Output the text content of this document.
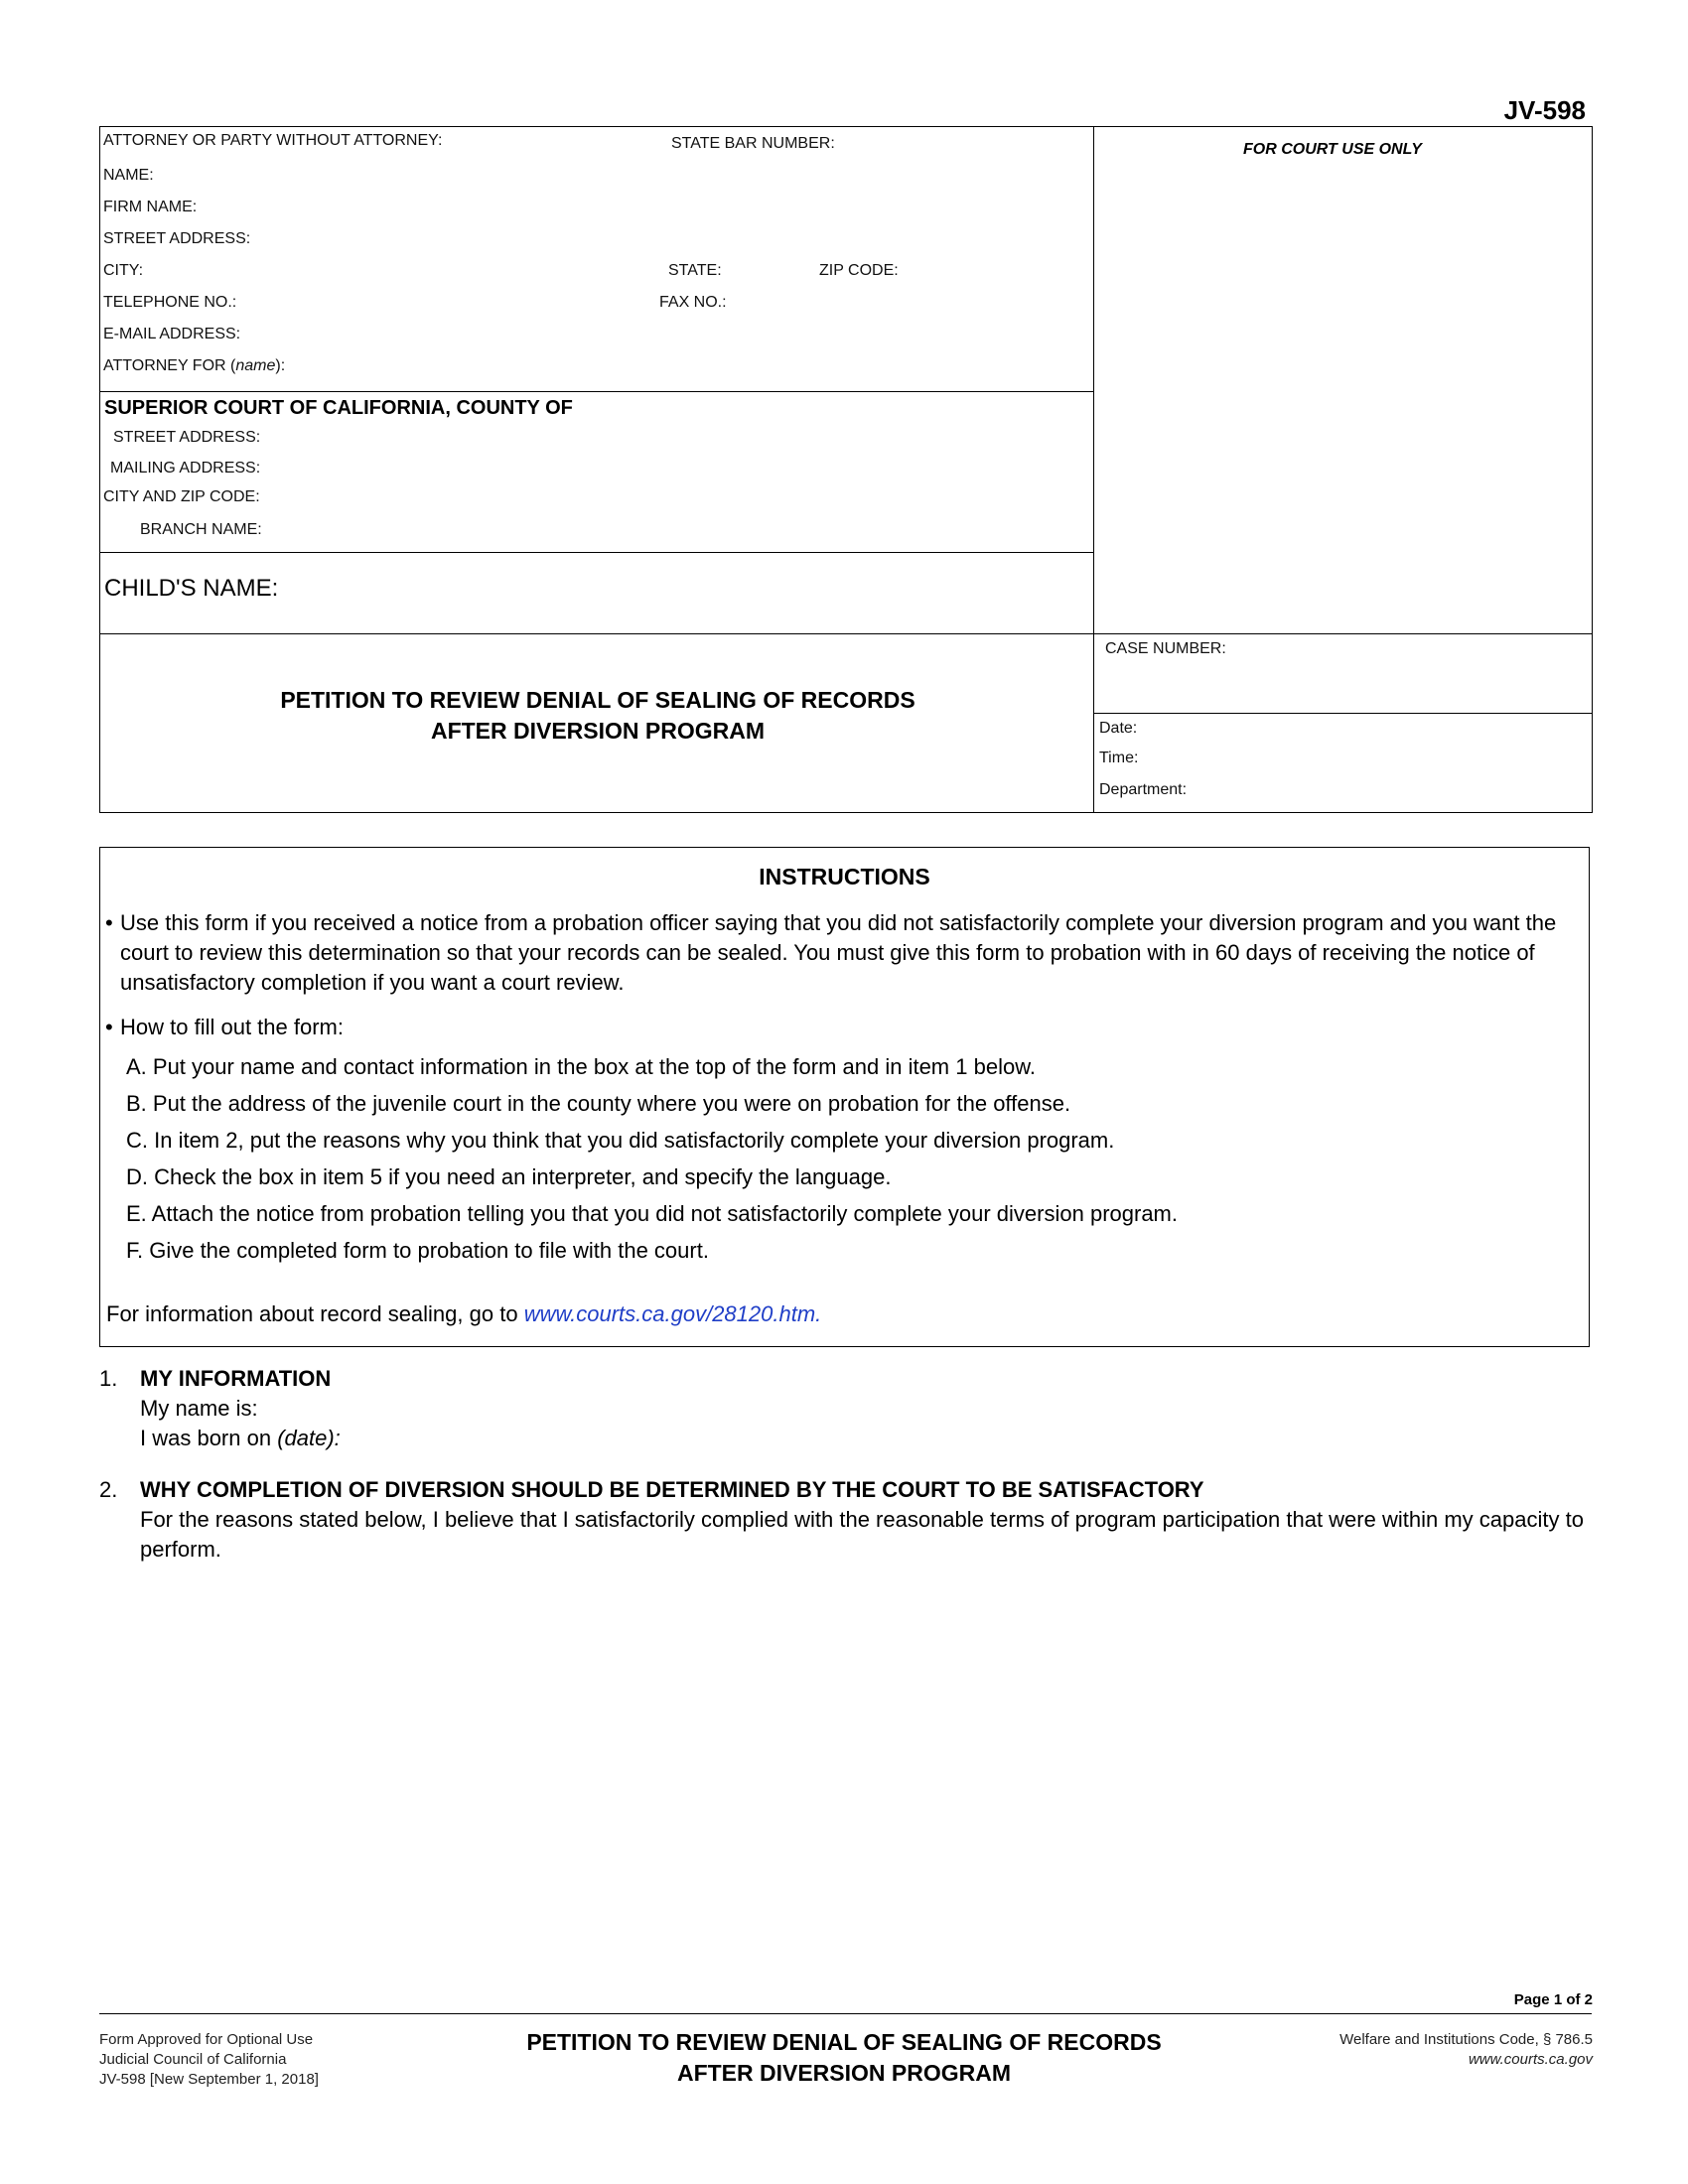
JV-598
ATTORNEY OR PARTY WITHOUT ATTORNEY:	STATE BAR NUMBER:
NAME:
FIRM NAME:
STREET ADDRESS:
CITY:	STATE:	ZIP CODE:
TELEPHONE NO.:	FAX NO.:
E-MAIL ADDRESS:
ATTORNEY FOR (name):
SUPERIOR COURT OF CALIFORNIA, COUNTY OF
STREET ADDRESS:
MAILING ADDRESS:
CITY AND ZIP CODE:
BRANCH NAME:
CHILD'S NAME:
FOR COURT USE ONLY
CASE NUMBER:
Date:
Time:
Department:
PETITION TO REVIEW DENIAL OF SEALING OF RECORDS
AFTER DIVERSION PROGRAM
INSTRUCTIONS
• Use this form if you received a notice from a probation officer saying that you did not satisfactorily complete your diversion program and you want the court to review this determination so that your records can be sealed. You must give this form to probation with in 60 days of receiving the notice of unsatisfactory completion if you want a court review.
• How to fill out the form:
A. Put your name and contact information in the box at the top of the form and in item 1 below.
B. Put the address of the juvenile court in the county where you were on probation for the offense.
C. In item 2, put the reasons why you think that you did satisfactorily complete your diversion program.
D. Check the box in item 5 if you need an interpreter, and specify the language.
E. Attach the notice from probation telling you that you did not satisfactorily complete your diversion program.
F. Give the completed form to probation to file with the court.
For information about record sealing, go to www.courts.ca.gov/28120.htm.
1. MY INFORMATION
My name is:
I was born on (date):
2. WHY COMPLETION OF DIVERSION SHOULD BE DETERMINED BY THE COURT TO BE SATISFACTORY
For the reasons stated below, I believe that I satisfactorily complied with the reasonable terms of program participation that were within my capacity to perform.
Page 1 of 2
Form Approved for Optional Use
Judicial Council of California
JV-598 [New September 1, 2018]
PETITION TO REVIEW DENIAL OF SEALING OF RECORDS
AFTER DIVERSION PROGRAM
Welfare and Institutions Code, § 786.5
www.courts.ca.gov
